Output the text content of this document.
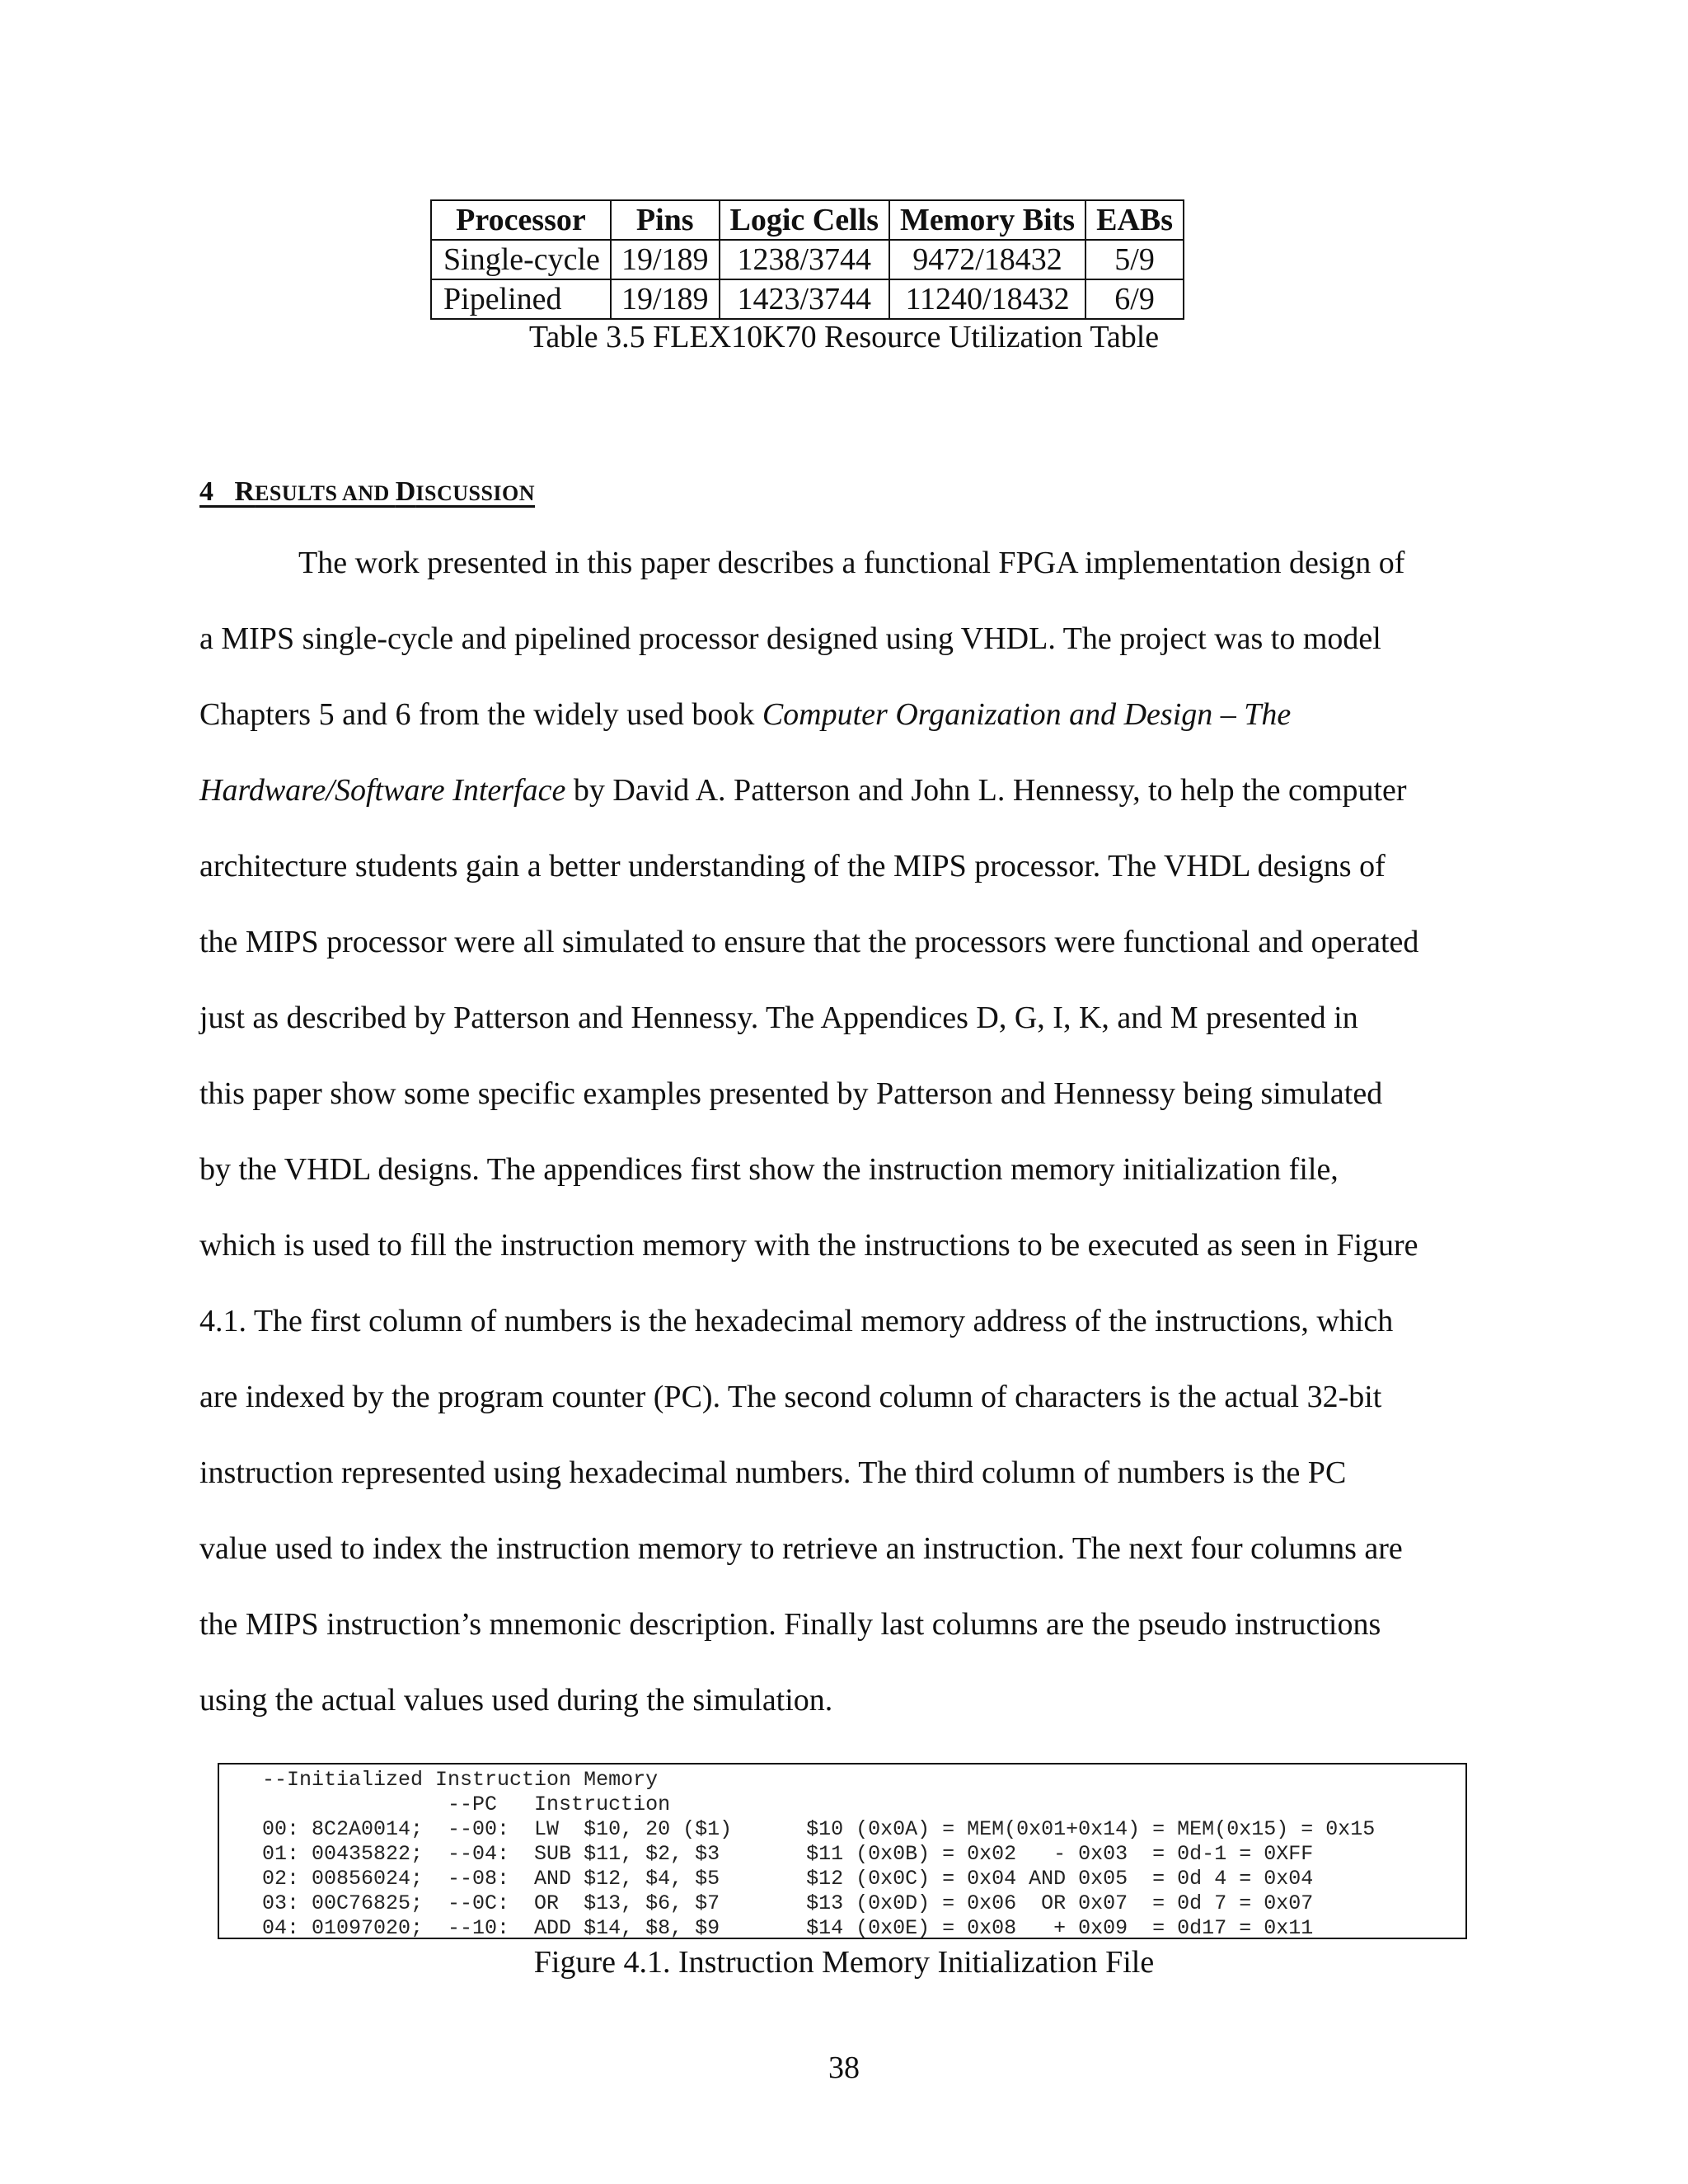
Processor	Pins	Logic Cells	Memory Bits	EABs
Single-cycle	19/189	1238/3744	9472/18432	5/9
Pipelined	19/189	1423/3744	11240/18432	6/9
Table 3.5 FLEX10K70 Resource Utilization Table
4 RESULTS AND DISCUSSION
The work presented in this paper describes a functional FPGA implementation design of
a MIPS single-cycle and pipelined processor designed using VHDL. The project was to model
Chapters 5 and 6 from the widely used book Computer Organization and Design – The
Hardware/Software Interface by David A. Patterson and John L. Hennessy, to help the computer
architecture students gain a better understanding of the MIPS processor. The VHDL designs of
the MIPS processor were all simulated to ensure that the processors were functional and operated
just as described by Patterson and Hennessy. The Appendices D, G, I, K, and M presented in
this paper show some specific examples presented by Patterson and Hennessy being simulated
by the VHDL designs. The appendices first show the instruction memory initialization file,
which is used to fill the instruction memory with the instructions to be executed as seen in Figure
4.1. The first column of numbers is the hexadecimal memory address of the instructions, which
are indexed by the program counter (PC). The second column of characters is the actual 32-bit
instruction represented using hexadecimal numbers. The third column of numbers is the PC
value used to index the instruction memory to retrieve an instruction. The next four columns are
the MIPS instruction’s mnemonic description. Finally last columns are the pseudo instructions
using the actual values used during the simulation.
--Initialized Instruction Memory
--PC   Instruction
00: 8C2A0014;  --00:  LW  $10, 20 ($1)      $10 (0x0A) = MEM(0x01+0x14) = MEM(0x15) = 0x15
01: 00435822;  --04:  SUB $11, $2, $3       $11 (0x0B) = 0x02   - 0x03  = 0d-1 = 0XFF
02: 00856024;  --08:  AND $12, $4, $5       $12 (0x0C) = 0x04 AND 0x05  = 0d 4 = 0x04
03: 00C76825;  --0C:  OR  $13, $6, $7       $13 (0x0D) = 0x06  OR 0x07  = 0d 7 = 0x07
04: 01097020;  --10:  ADD $14, $8, $9       $14 (0x0E) = 0x08   + 0x09  = 0d17 = 0x11
Figure 4.1. Instruction Memory Initialization File
38
